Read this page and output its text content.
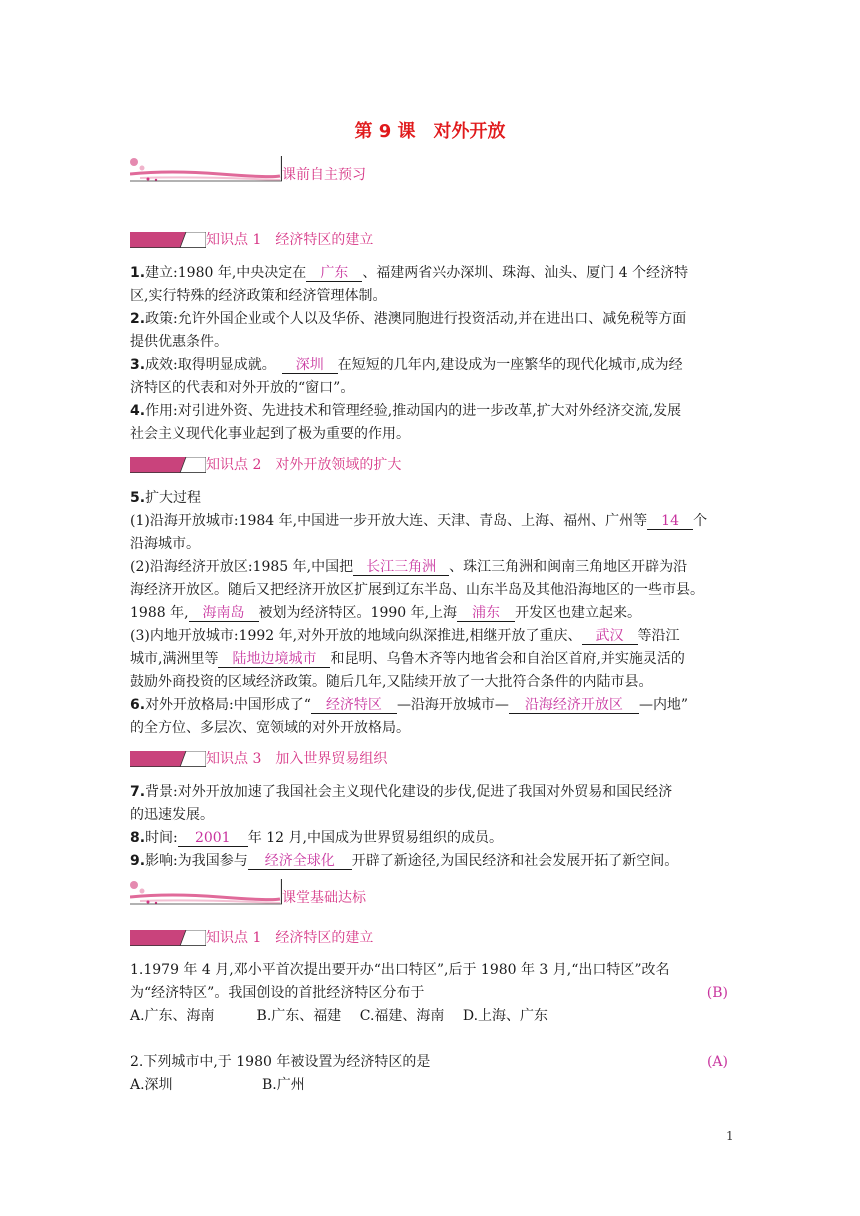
第 9 课　对外开放
课前自主预习
知识点 1　经济特区的建立
1.建立:1980 年,中央决定在 广东 、福建两省兴办深圳、珠海、汕头、厦门 4 个经济特
区,实行特殊的经济政策和经济管理体制。
2.政策:允许外国企业或个人以及华侨、港澳同胞进行投资活动,并在进出口、减免税等方面
提供优惠条件。
3.成效:取得明显成就。 深圳 在短短的几年内,建设成为一座繁华的现代化城市,成为经
济特区的代表和对外开放的“窗口”。
4.作用:对引进外资、先进技术和管理经验,推动国内的进一步改革,扩大对外经济交流,发展
社会主义现代化事业起到了极为重要的作用。
知识点 2　对外开放领域的扩大
5.扩大过程
(1)沿海开放城市:1984 年,中国进一步开放大连、天津、青岛、上海、福州、广州等 14 个
沿海城市。
(2)沿海经济开放区:1985 年,中国把 长江三角洲 、珠江三角洲和闽南三角地区开辟为沿
海经济开放区。随后又把经济开放区扩展到辽东半岛、山东半岛及其他沿海地区的一些市县。
1988 年, 海南岛 被划为经济特区。1990 年,上海 浦东 开发区也建立起来。
(3)内地开放城市:1992 年,对外开放的地域向纵深推进,相继开放了重庆、 武汉 等沿江
城市,满洲里等 陆地边境城市 和昆明、乌鲁木齐等内地省会和自治区首府,并实施灵活的
鼓励外商投资的区域经济政策。随后几年,又陆续开放了一大批符合条件的内陆市县。
6.对外开放格局:中国形成了“ 经济特区 —沿海开放城市— 沿海经济开放区 —内地”
的全方位、多层次、宽领域的对外开放格局。
知识点 3　加入世界贸易组织
7.背景:对外开放加速了我国社会主义现代化建设的步伐,促进了我国对外贸易和国民经济
的迅速发展。
8.时间: 2001 年 12 月,中国成为世界贸易组织的成员。
9.影响:为我国参与 经济全球化 开辟了新途径,为国民经济和社会发展开拓了新空间。
课堂基础达标
知识点 1　经济特区的建立
1.1979 年 4 月,邓小平首次提出要开办“出口特区”,后于 1980 年 3 月,“出口特区”改名
为“经济特区”。我国创设的首批经济特区分布于	(B)
A.广东、海南　　　B.广东、福建　 C.福建、海南　 D.上海、广东
2.下列城市中,于 1980 年被设置为经济特区的是	(A)
A.深圳	B.广州
1
